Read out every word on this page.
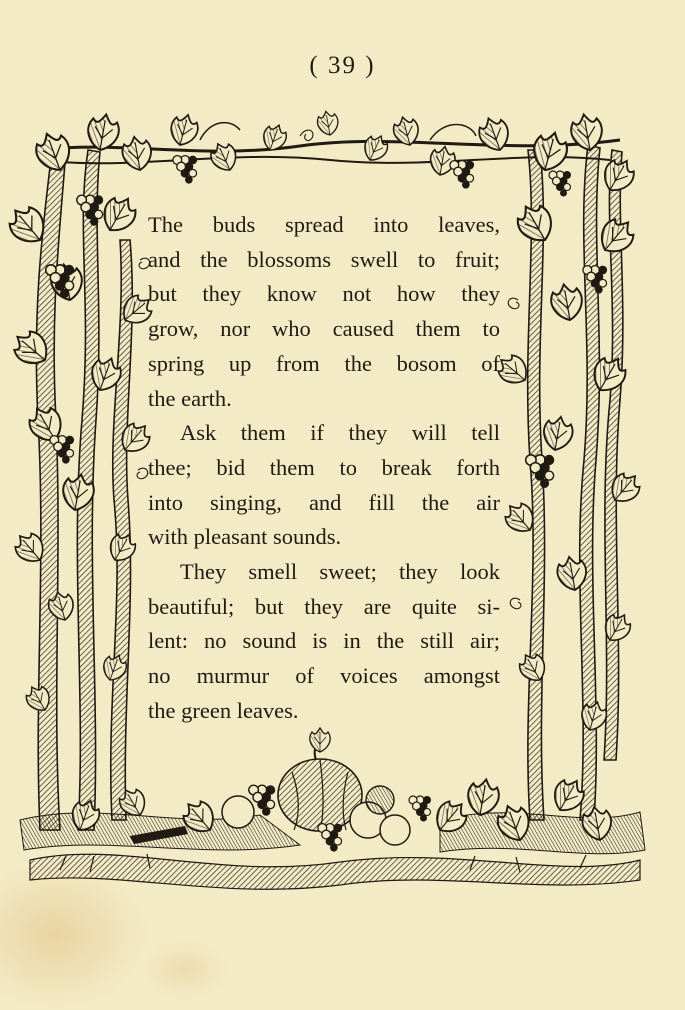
( 39 )

The buds spread into leaves,
and the blossoms swell to fruit;
but they know not how they
grow, nor who caused them to
spring up from the bosom of
the earth.

Ask them if they will tell
thee; bid them to break forth
into singing, and fill the air
with pleasant sounds.

They smell sweet; they look
beautiful; but they are quite si-
lent: no sound is in the still air;
no murmur of voices amongst
the green leaves.
